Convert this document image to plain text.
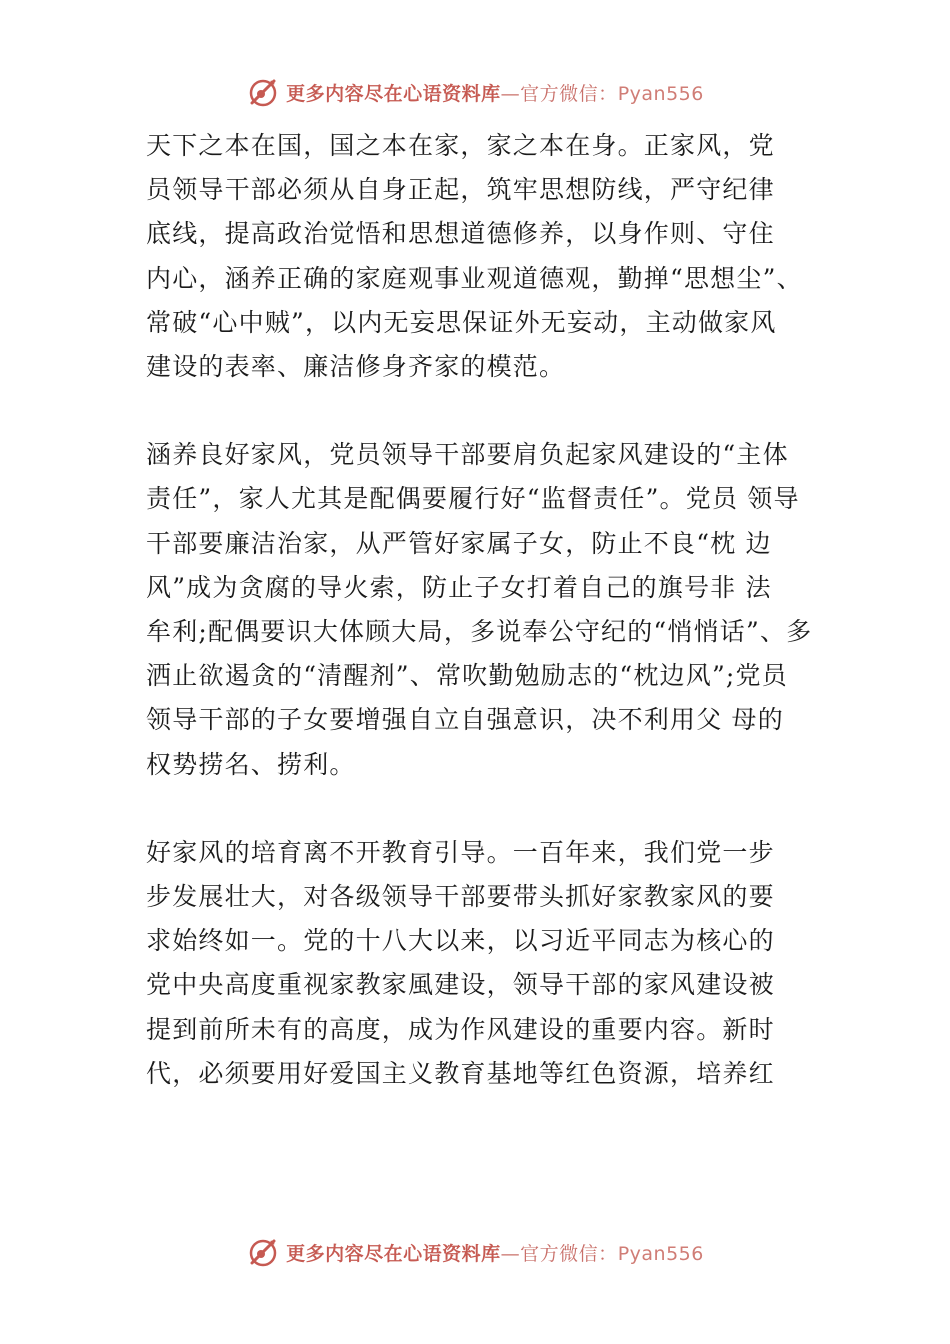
更多内容尽在心语资料库—官方微信：Pyan556

天下之本在国，国之本在家，家之本在身。正家风，党
员领导干部必须从自身正起，筑牢思想防线，严守纪律
底线，提高政治觉悟和思想道德修养，以身作则、守住
内心，涵养正确的家庭观事业观道德观，勤掸“思想尘”、
常破“心中贼”，以内无妄思保证外无妄动，主动做家风
建设的表率、廉洁修身齐家的模范。

涵养良好家风，党员领导干部要肩负起家风建设的“主体
责任”，家人尤其是配偶要履行好“监督责任”。党员 领导
干部要廉洁治家，从严管好家属子女，防止不良“枕 边
风”成为贪腐的导火索，防止子女打着自己的旗号非 法
牟利;配偶要识大体顾大局，多说奉公守纪的“悄悄话”、多
洒止欲遏贪的“清醒剂”、常吹勤勉励志的“枕边风”;党员
领导干部的子女要增强自立自强意识，决不利用父 母的
权势捞名、捞利。

好家风的培育离不开教育引导。一百年来，我们党一步
步发展壮大，对各级领导干部要带头抓好家教家风的要
求始终如一。党的十八大以来，以习近平同志为核心的
党中央高度重视家教家風建设，领导干部的家风建设被
提到前所未有的高度，成为作风建设的重要内容。新时
代，必须要用好爱国主义教育基地等红色资源，培养红

更多内容尽在心语资料库—官方微信：Pyan556
